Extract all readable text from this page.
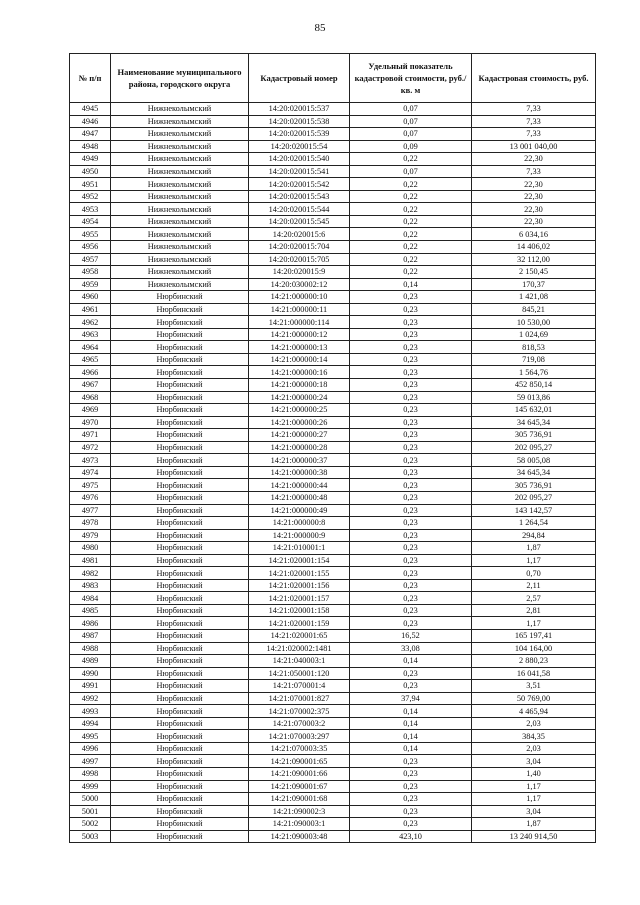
85
№ п/п	Наименование муниципального района, городского округа	Кадастровый номер	Удельный показатель кадастровой стоимости, руб./кв. м	Кадастровая стоимость, руб.
4945	Нижнеколымский	14:20:020015:537	0,07	7,33
4946	Нижнеколымский	14:20:020015:538	0,07	7,33
4947	Нижнеколымский	14:20:020015:539	0,07	7,33
4948	Нижнеколымский	14:20:020015:54	0,09	13 001 040,00
4949	Нижнеколымский	14:20:020015:540	0,22	22,30
4950	Нижнеколымский	14:20:020015:541	0,07	7,33
4951	Нижнеколымский	14:20:020015:542	0,22	22,30
4952	Нижнеколымский	14:20:020015:543	0,22	22,30
4953	Нижнеколымский	14:20:020015:544	0,22	22,30
4954	Нижнеколымский	14:20:020015:545	0,22	22,30
4955	Нижнеколымский	14:20:020015:6	0,22	6 034,16
4956	Нижнеколымский	14:20:020015:704	0,22	14 406,02
4957	Нижнеколымский	14:20:020015:705	0,22	32 112,00
4958	Нижнеколымский	14:20:020015:9	0,22	2 150,45
4959	Нижнеколымский	14:20:030002:12	0,14	170,37
4960	Нюрбинский	14:21:000000:10	0,23	1 421,08
4961	Нюрбинский	14:21:000000:11	0,23	845,21
4962	Нюрбинский	14:21:000000:114	0,23	10 530,00
4963	Нюрбинский	14:21:000000:12	0,23	1 024,69
4964	Нюрбинский	14:21:000000:13	0,23	818,53
4965	Нюрбинский	14:21:000000:14	0,23	719,08
4966	Нюрбинский	14:21:000000:16	0,23	1 564,76
4967	Нюрбинский	14:21:000000:18	0,23	452 850,14
4968	Нюрбинский	14:21:000000:24	0,23	59 013,86
4969	Нюрбинский	14:21:000000:25	0,23	145 632,01
4970	Нюрбинский	14:21:000000:26	0,23	34 645,34
4971	Нюрбинский	14:21:000000:27	0,23	305 736,91
4972	Нюрбинский	14:21:000000:28	0,23	202 095,27
4973	Нюрбинский	14:21:000000:37	0,23	58 005,08
4974	Нюрбинский	14:21:000000:38	0,23	34 645,34
4975	Нюрбинский	14:21:000000:44	0,23	305 736,91
4976	Нюрбинский	14:21:000000:48	0,23	202 095,27
4977	Нюрбинский	14:21:000000:49	0,23	143 142,57
4978	Нюрбинский	14:21:000000:8	0,23	1 264,54
4979	Нюрбинский	14:21:000000:9	0,23	294,84
4980	Нюрбинский	14:21:010001:1	0,23	1,87
4981	Нюрбинский	14:21:020001:154	0,23	1,17
4982	Нюрбинский	14:21:020001:155	0,23	0,70
4983	Нюрбинский	14:21:020001:156	0,23	2,11
4984	Нюрбинский	14:21:020001:157	0,23	2,57
4985	Нюрбинский	14:21:020001:158	0,23	2,81
4986	Нюрбинский	14:21:020001:159	0,23	1,17
4987	Нюрбинский	14:21:020001:65	16,52	165 197,41
4988	Нюрбинский	14:21:020002:1481	33,08	104 164,00
4989	Нюрбинский	14:21:040003:1	0,14	2 880,23
4990	Нюрбинский	14:21:050001:120	0,23	16 041,58
4991	Нюрбинский	14:21:070001:4	0,23	3,51
4992	Нюрбинский	14:21:070001:827	37,94	50 769,00
4993	Нюрбинский	14:21:070002:375	0,14	4 465,94
4994	Нюрбинский	14:21:070003:2	0,14	2,03
4995	Нюрбинский	14:21:070003:297	0,14	384,35
4996	Нюрбинский	14:21:070003:35	0,14	2,03
4997	Нюрбинский	14:21:090001:65	0,23	3,04
4998	Нюрбинский	14:21:090001:66	0,23	1,40
4999	Нюрбинский	14:21:090001:67	0,23	1,17
5000	Нюрбинский	14:21:090001:68	0,23	1,17
5001	Нюрбинский	14:21:090002:3	0,23	3,04
5002	Нюрбинский	14:21:090003:1	0,23	1,87
5003	Нюрбинский	14:21:090003:48	423,10	13 240 914,50
